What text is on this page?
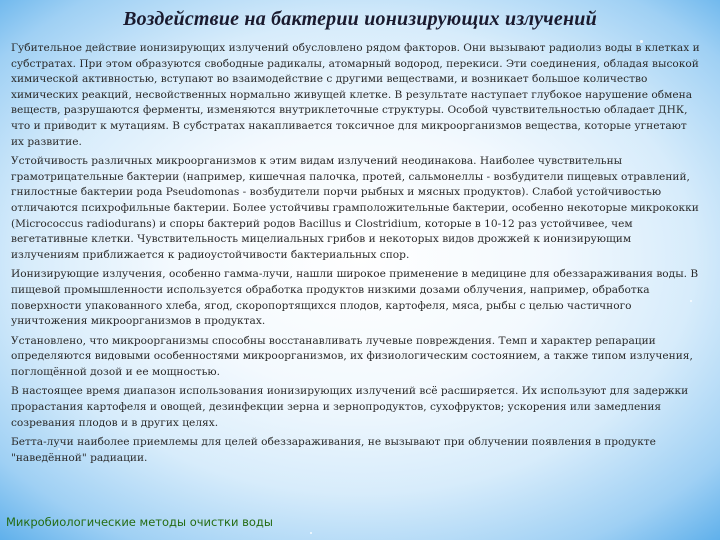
Воздействие на бактерии ионизирующих излучений

Губительное действие ионизирующих излучений обусловлено рядом факторов. Они вызывают радиолиз воды в клетках и субстратах. При этом образуются свободные радикалы, атомарный водород, перекиси. Эти соединения, обладая высокой химической активностью, вступают во взаимодействие с другими веществами, и возникает большое количество химических реакций, несвойственных нормально живущей клетке. В результате наступает глубокое нарушение обмена веществ, разрушаются ферменты, изменяются внутриклеточные структуры. Особой чувствительностью обладает ДНК, что и приводит к мутациям. В субстратах накапливается токсичное для микроорганизмов вещества, которые угнетают их развитие.

Устойчивость различных микроорганизмов к этим видам излучений неодинакова. Наиболее чувствительны грамотрицательные бактерии (например, кишечная палочка, протей, сальмонеллы - возбудители пищевых отравлений, гнилостные бактерии рода Pseudomonas - возбудители порчи рыбных и мясных продуктов). Слабой устойчивостью отличаются психрофильные бактерии. Более устойчивы грамположительные бактерии, особенно некоторые микрококки (Micrococcus radiodurans) и споры бактерий родов Bacillus и Clostridium, которые в 10-12 раз устойчивее, чем вегетативные клетки. Чувствительность мицелиальных грибов и некоторых видов дрожжей к ионизирующим излучениям приближается к радиоустойчивости бактериальных спор.

Ионизирующие излучения, особенно гамма-лучи, нашли широкое применение в медицине для обеззараживания воды. В пищевой промышленности используется обработка продуктов низкими дозами облучения, например, обработка поверхности упакованного хлеба, ягод, скоропортящихся плодов, картофеля, мяса, рыбы с целью частичного уничтожения микроорганизмов в продуктах.

Установлено, что микроорганизмы способны восстанавливать лучевые повреждения. Темп и характер репарации определяются видовыми особенностями микроорганизмов, их физиологическим состоянием, а также типом излучения, поглощённой дозой и ее мощностью.

В настоящее время диапазон использования ионизирующих излучений всё расширяется. Их используют для задержки прорастания картофеля и овощей, дезинфекции зерна и зернопродуктов, сухофруктов; ускорения или замедления созревания плодов и в других целях.

Бетта-лучи наиболее приемлемы для целей обеззараживания, не вызывают при облучении появления в продукте "наведённой" радиации.

Микробиологические методы очистки воды
